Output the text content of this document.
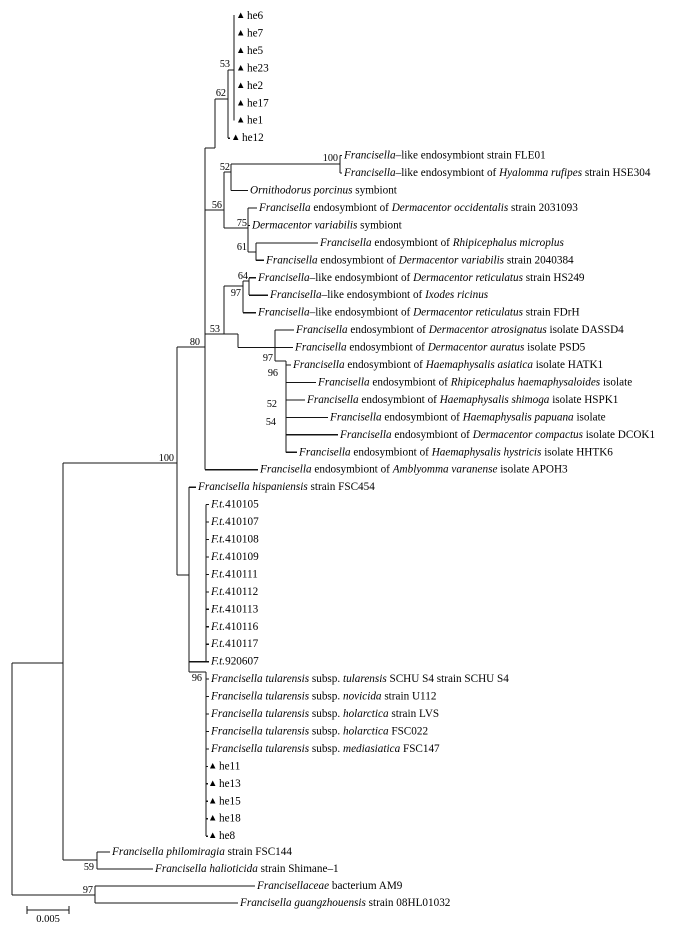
▲ he6
▲ he7
▲ he5
▲ he23
▲ he2
▲ he17
▲ he1
▲ he12
Francisella–like endosymbiont strain FLE01
Francisella–like endosymbiont of Hyalomma rufipes strain HSE304
Ornithodorus porcinus symbiont
Francisella endosymbiont of Dermacentor occidentalis strain 2031093
Dermacentor variabilis symbiont
Francisella endosymbiont of Rhipicephalus microplus
Francisella endosymbiont of Dermacentor variabilis strain 2040384
Francisella–like endosymbiont of Dermacentor reticulatus strain HS249
Francisella–like endosymbiont of Ixodes ricinus
Francisella–like endosymbiont of Dermacentor reticulatus strain FDrH
Francisella endosymbiont of Dermacentor atrosignatus isolate DASSD4
Francisella endosymbiont of Dermacentor auratus isolate PSD5
Francisella endosymbiont of Haemaphysalis asiatica isolate HATK1
Francisella endosymbiont of Rhipicephalus haemaphysaloides isolate
Francisella endosymbiont of Haemaphysalis shimoga isolate HSPK1
Francisella endosymbiont of Haemaphysalis papuana isolate
Francisella endosymbiont of Dermacentor compactus isolate DCOK1
Francisella endosymbiont of Haemaphysalis hystricis isolate HHTK6
Francisella endosymbiont of Amblyomma varanense isolate APOH3
Francisella hispaniensis strain FSC454
F.t.410105
F.t.410107
F.t.410108
F.t.410109
F.t.410111
F.t.410112
F.t.410113
F.t.410116
F.t.410117
F.t.920607
Francisella tularensis subsp. tularensis SCHU S4 strain SCHU S4
Francisella tularensis subsp. novicida strain U112
Francisella tularensis subsp. holarctica strain LVS
Francisella tularensis subsp. holarctica FSC022
Francisella tularensis subsp. mediasiatica FSC147
▲ he11
▲ he13
▲ he15
▲ he18
▲ he8
Francisella philomiragia strain FSC144
Francisella halioticida strain Shimane–1
Francisellaceae bacterium AM9
Francisella guangzhouensis strain 08HL01032
53
62
52
56
75
61
100
64
97
53
80
97
96
52
54
100
96
59
97
0.005
